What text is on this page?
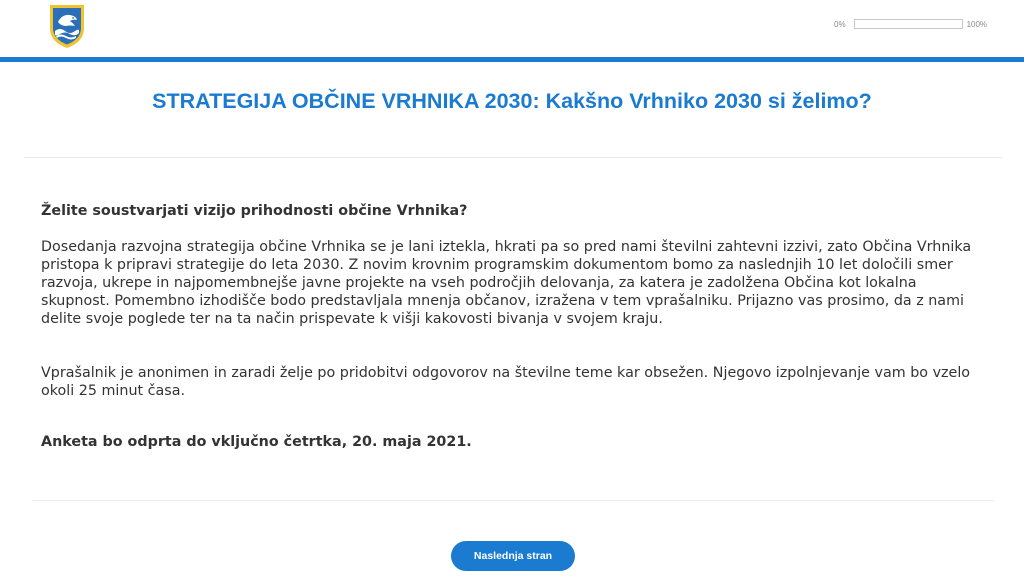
0%	100%
STRATEGIJA OBČINE VRHNIKA 2030: Kakšno Vrhniko 2030 si želimo?

Želite soustvarjati vizijo prihodnosti občine Vrhnika?

Dosedanja razvojna strategija občine Vrhnika se je lani iztekla, hkrati pa so pred nami številni zahtevni izzivi, zato Občina Vrhnika pristopa k pripravi strategije do leta 2030. Z novim krovnim programskim dokumentom bomo za naslednjih 10 let določili smer razvoja, ukrepe in najpomembnejše javne projekte na vseh področjih delovanja, za katera je zadolžena Občina kot lokalna skupnost. Pomembno izhodišče bodo predstavljala mnenja občanov, izražena v tem vprašalniku. Prijazno vas prosimo, da z nami delite svoje poglede ter na ta način prispevate k višji kakovosti bivanja v svojem kraju.

Vprašalnik je anonimen in zaradi želje po pridobitvi odgovorov na številne teme kar obsežen. Njegovo izpolnjevanje vam bo vzelo okoli 25 minut časa.

Anketa bo odprta do vključno četrtka, 20. maja 2021.

Naslednja stran
